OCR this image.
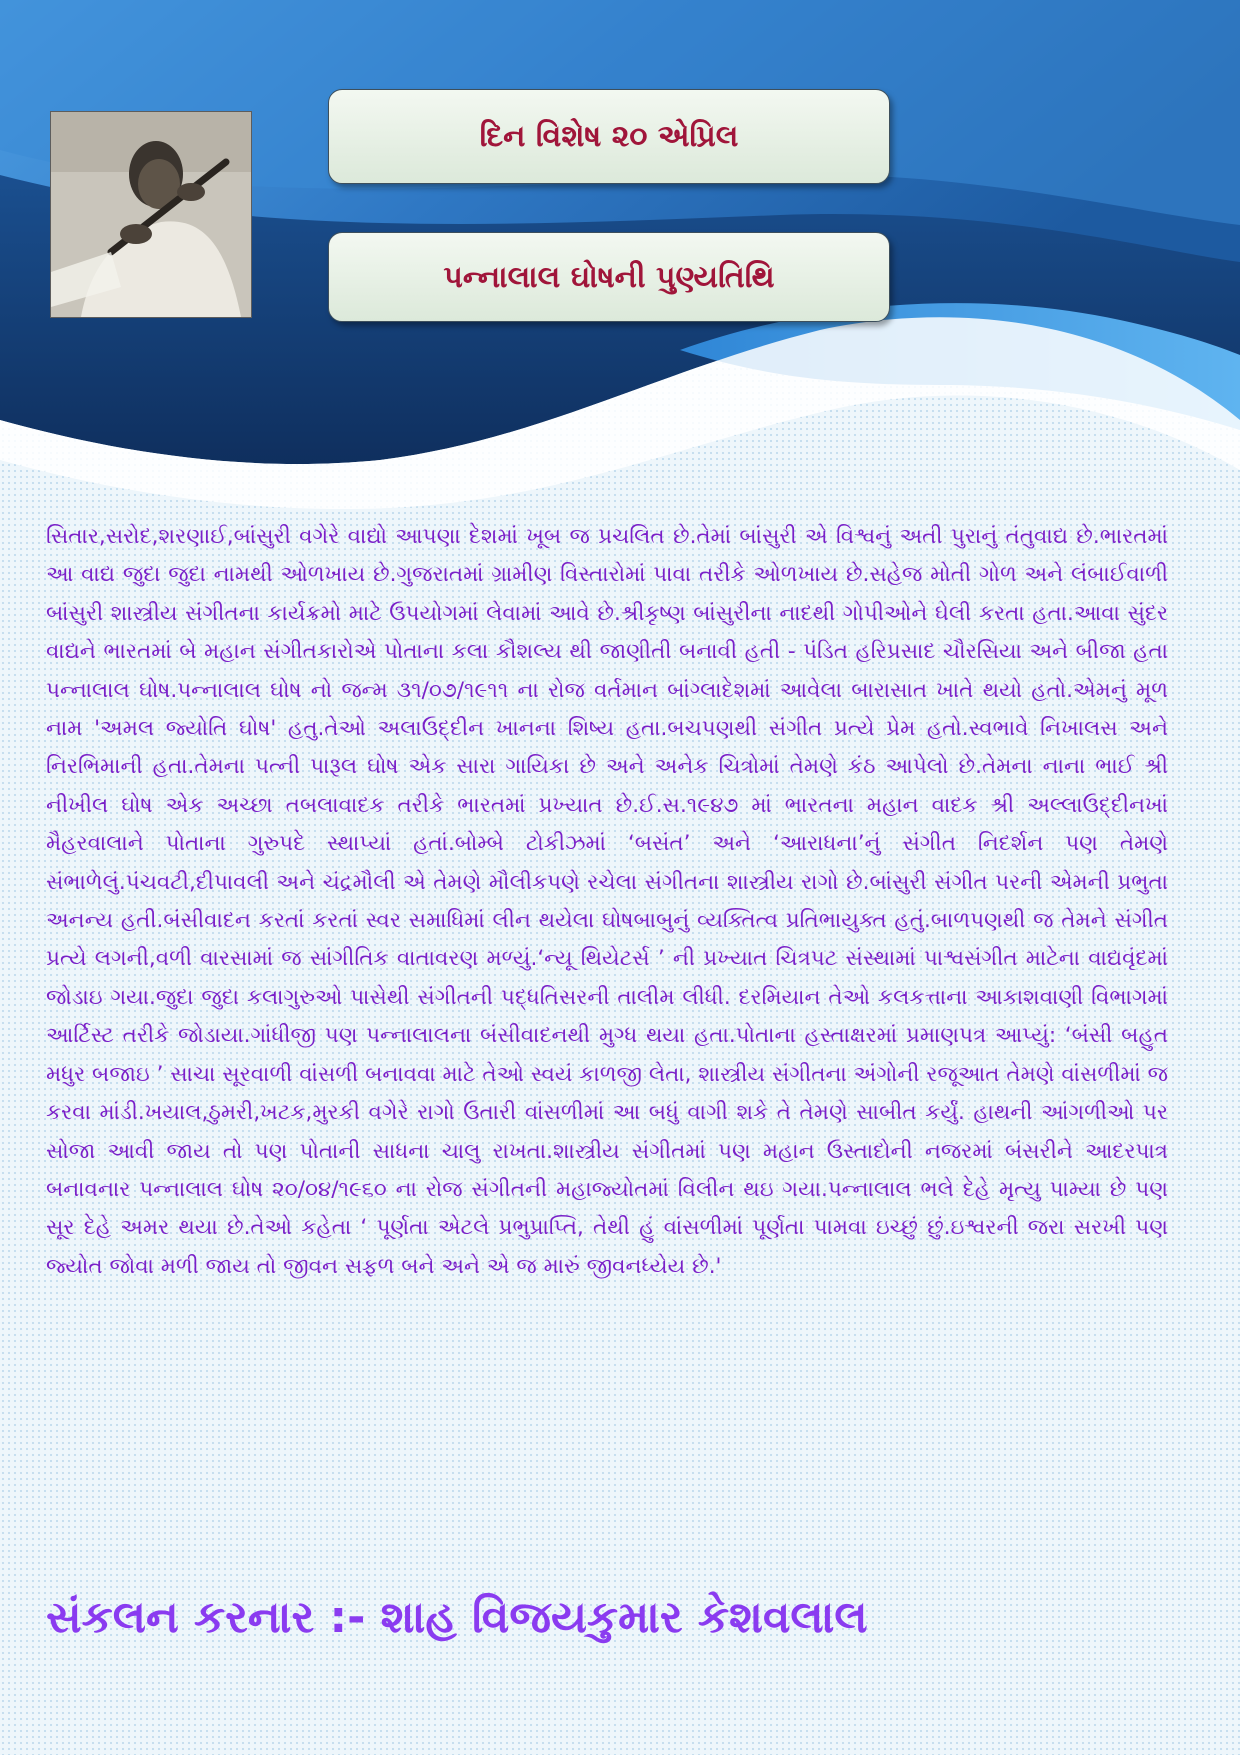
દિન વિશેષ ૨૦ એપ્રિલ
પન્નાલાલ ઘોષની પુણ્યતિથિ

સિતાર,સરોદ,શરણાઈ,બાંસુરી વગેરે વાદ્યો આપણા દેશમાં ખૂબ જ પ્રચલિત છે.તેમાં બાંસુરી એ વિશ્વનું અતી પુરાનું તંતુવાદ્ય છે.ભારતમાં આ વાદ્ય જુદા જુદા નામથી ઓળખાય છે.ગુજરાતમાં ગ્રામીણ વિસ્તારોમાં પાવા તરીકે ઓળખાય છે.સહેજ મોતી ગોળ અને લંબાઈવાળી બાંસુરી શાસ્ત્રીય સંગીતના કાર્યક્રમો માટે ઉપયોગમાં લેવામાં આવે છે.શ્રીકૃષ્ણ બાંસુરીના નાદથી ગોપીઓને ઘેલી કરતા હતા.આવા સુંદર વાદ્યને ભારતમાં બે મહાન સંગીતકારોએ પોતાના કલા કૌશલ્ય થી જાણીતી બનાવી હતી - પંડિત હરિપ્રસાદ ચૌરસિયા અને બીજા હતા પન્નાલાલ ઘોષ.પન્નાલાલ ઘોષ નો જન્મ ૩૧/૦૭/૧૯૧૧ ના રોજ વર્તમાન બાંગ્લાદેશમાં આવેલા બારાસાત ખાતે થયો હતો.એમનું મૂળ નામ 'અમલ જ્યોતિ ઘોષ' હતુ.તેઓ અલાઉદ્દીન ખાનના શિષ્ય હતા.બચપણથી સંગીત પ્રત્યે પ્રેમ હતો.સ્વભાવે નિખાલસ અને નિરભિમાની હતા.તેમના પત્ની પારૂલ ઘોષ એક સારા ગાયિકા છે અને અનેક ચિત્રોમાં તેમણે કંઠ આપેલો છે.તેમના નાના ભાઈ શ્રી નીખીલ ઘોષ એક અચ્છા તબલાવાદક તરીકે ભારતમાં પ્રખ્યાત છે.ઈ.સ.૧૯૪૭ માં ભારતના મહાન વાદક શ્રી અલ્લાઉદ્દીનખાં મૈહરવાલાને પોતાના ગુરુપદે સ્થાપ્યાં હતાં.બોમ્બે ટોકીઝમાં ‘બસંત’ અને ‘આરાધના’નું સંગીત નિદર્શન પણ તેમણે સંભાળેલું.પંચવટી,દીપાવલી અને ચંદ્રમૌલી એ તેમણે મૌલીકપણે રચેલા સંગીતના શાસ્ત્રીય રાગો છે.બાંસુરી સંગીત પરની એમની પ્રભુતા અનન્ય હતી.બંસીવાદન કરતાં કરતાં સ્વર સમાધિમાં લીન થયેલા ઘોષબાબુનું વ્યક્તિત્વ પ્રતિભાયુક્ત હતું.બાળપણથી જ તેમને સંગીત પ્રત્યે લગની,વળી વારસામાં જ સાંગીતિક વાતાવરણ મળ્યું.‘ન્યૂ થિયેટર્સ ’ ની પ્રખ્યાત ચિત્રપટ સંસ્થામાં પાશ્વસંગીત માટેના વાદ્યવૃંદમાં જોડાઇ ગયા.જુદા જુદા કલાગુરુઓ પાસેથી સંગીતની પદ્ધતિસરની તાલીમ લીધી. દરમિયાન તેઓ કલકત્તાના આકાશવાણી વિભાગમાં આર્ટિસ્ટ તરીકે જોડાયા.ગાંધીજી પણ પન્નાલાલના બંસીવાદનથી મુગ્ધ થયા હતા.પોતાના હસ્તાક્ષરમાં પ્રમાણપત્ર આપ્યું: ‘બંસી બહુત મધુર બજાઇ ’ સાચા સૂરવાળી વાંસળી બનાવવા માટે તેઓ સ્વયં કાળજી લેતા, શાસ્ત્રીય સંગીતના અંગોની રજૂઆત તેમણે વાંસળીમાં જ કરવા માંડી.ખયાલ,ઠુમરી,ખટક,મુરકી વગેરે રાગો ઉતારી વાંસળીમાં આ બધું વાગી શકે તે તેમણે સાબીત કર્યું. હાથની આંગળીઓ પર સોજા આવી જાય તો પણ પોતાની સાધના ચાલુ રાખતા.શાસ્ત્રીય સંગીતમાં પણ મહાન ઉસ્તાદોની નજરમાં બંસરીને આદરપાત્ર બનાવનાર પન્નાલાલ ઘોષ ૨૦/૦૪/૧૯૬૦ ના રોજ સંગીતની મહાજ્યોતમાં વિલીન થઇ ગયા.પન્નાલાલ ભલે દેહે મૃત્યુ પામ્યા છે પણ સૂર દેહે અમર થયા છે.તેઓ કહેતા ‘ પૂર્ણતા એટલે પ્રભુપ્રાપ્તિ, તેથી હું વાંસળીમાં પૂર્ણતા પામવા ઇચ્છું છું.ઇશ્વરની જરા સરખી પણ જ્યોત જોવા મળી જાય તો જીવન સફળ બને અને એ જ મારું જીવનધ્યેય છે.'

સંકલન કરનાર :- શાહ વિજયકુમાર કેશવલાલ
